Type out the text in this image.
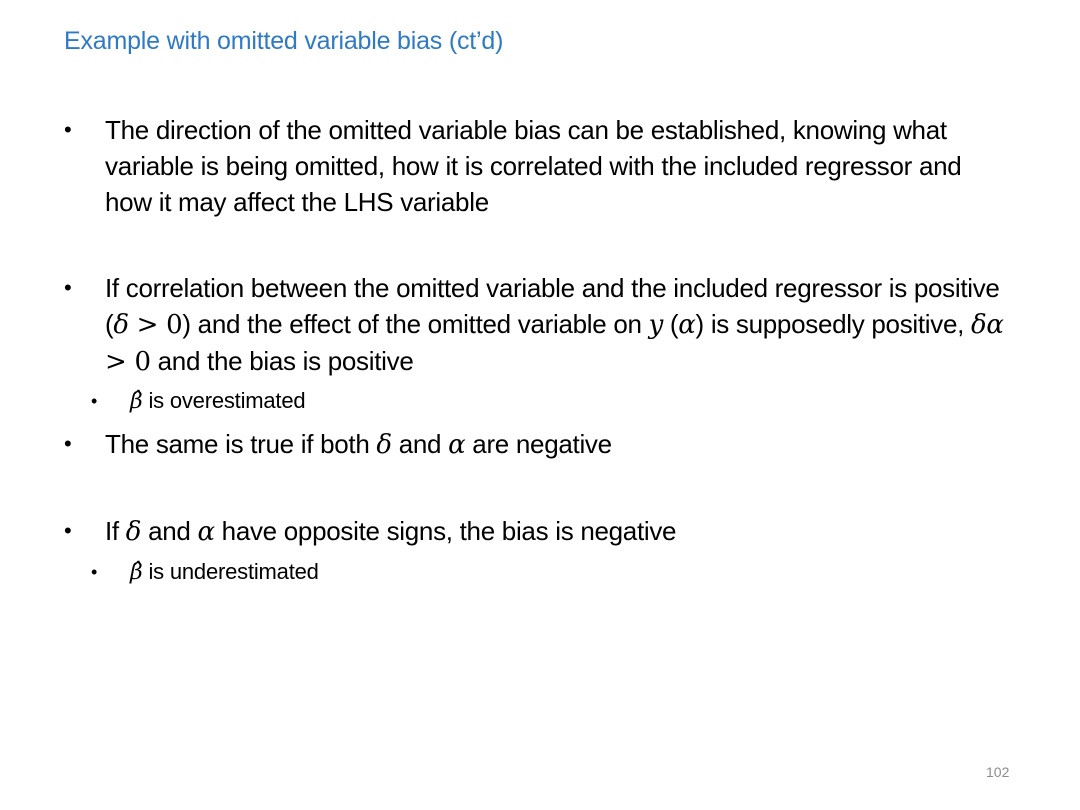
Example with omitted variable bias (ct’d)
• The direction of the omitted variable bias can be established, knowing what variable is being omitted, how it is correlated with the included regressor and how it may affect the LHS variable
• If correlation between the omitted variable and the included regressor is positive (δ > 0) and the effect of the omitted variable on y (α) is supposedly positive, δα > 0 and the bias is positive
• β̂ is overestimated
• The same is true if both δ and α are negative
• If δ and α have opposite signs, the bias is negative
• β̂ is underestimated
102
